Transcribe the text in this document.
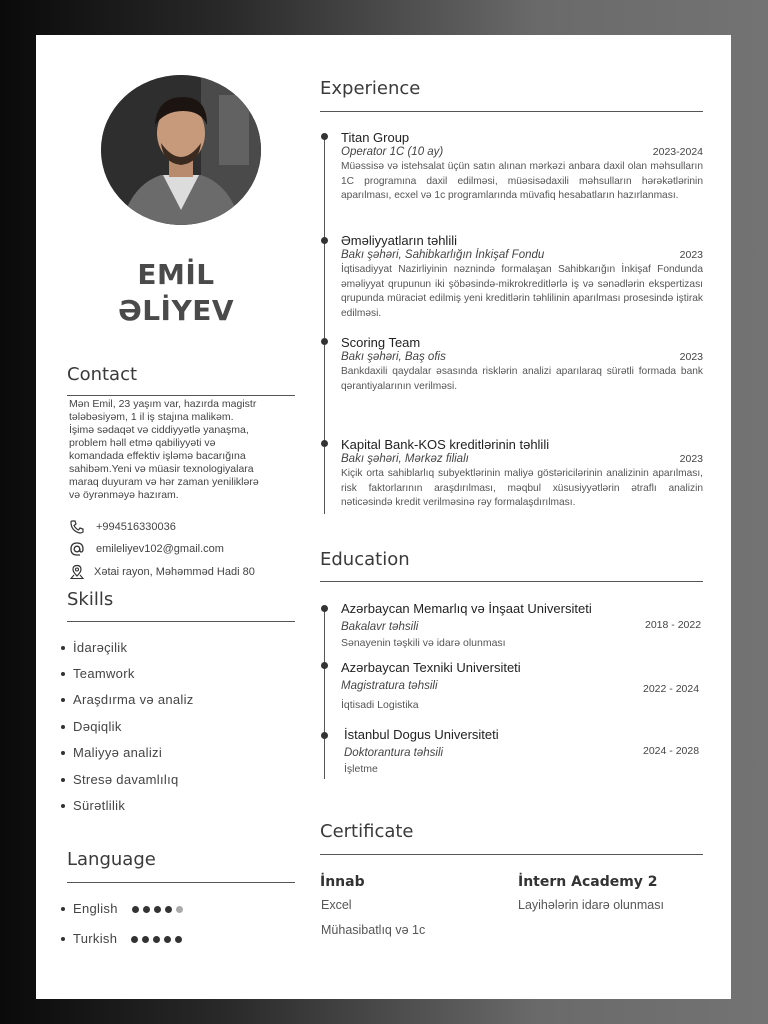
EMİL
ƏLİYEV
Contact
Mən Emil, 23 yaşım var, hazırda magistr
tələbəsiyəm, 1 il iş stajına malikəm.
İşimə sədaqət və ciddiyyətlə yanaşma,
problem həll etmə qabiliyyəti və
komandada effektiv işləmə bacarığına
sahibəm.Yeni və müasir texnologiyalara
maraq duyuram və hər zaman yeniliklərə
və öyrənməyə hazıram.
+994516330036
emileliyev102@gmail.com
Xətai rayon, Məhəmməd Hadi 80
Skills
İdarəçilik
Teamwork
Araşdırma və analiz
Dəqiqlik
Maliyyə analizi
Stresə davamlılıq
Sürətlilik
Language
English
Turkish
Experience
Titan Group
Operator 1C (10 ay)	2023-2024
Müəssisə və istehsalat üçün satın alınan mərkəzi anbara daxil olan məhsulların 1C programına daxil edilməsi, müəsisədaxili məhsulların hərəkətlərinin aparılması, ecxel və 1c programlarında müvafiq hesabatların hazırlanması.
Əməliyyatların təhlili
Bakı şəhəri, Sahibkarlığın İnkişaf Fondu	2023
İqtisadiyyat Nazirliyinin nəznində formalaşan Sahibkarığın İnkişaf Fondunda əməliyyat qrupunun iki şöbəsində-mikrokreditlərlə iş və sənədlərin ekspertizası qrupunda müraciət edilmiş yeni kreditlərin təhlilinin aparılması prosesində iştirak edilməsi.
Scoring Team
Bakı şəhəri, Baş ofis	2023
Bankdaxili qaydalar əsasında risklərin analizi aparılaraq sürətli formada bank qərantiyalarının verilməsi.
Kapital Bank-KOS kreditlərinin təhlili
Bakı şəhəri, Mərkəz filialı	2023
Kiçik orta sahiblarlıq subyektlərinin maliyə göstəricilərinin analizinin aparılması, risk faktorlarının araşdırılması, məqbul xüsusiyyətlərin ətraflı analizin nəticəsində kredit verilməsinə rəy formalaşdırılması.
Education
Azərbaycan Memarlıq və İnşaat Universiteti
Bakalavr təhsili
Sənayenin təşkili və idarə olunması
2018 - 2022
Azərbaycan Texniki Universiteti
Magistratura təhsili
İqtisadi Logistika
2022 - 2024
İstanbul Dogus Universiteti
Doktorantura təhsili
İşletme
2024 - 2028
Certificate
İnnab
Excel
Mühasibatlıq və 1c
İntern Academy 2
Layihələrin idarə olunması
